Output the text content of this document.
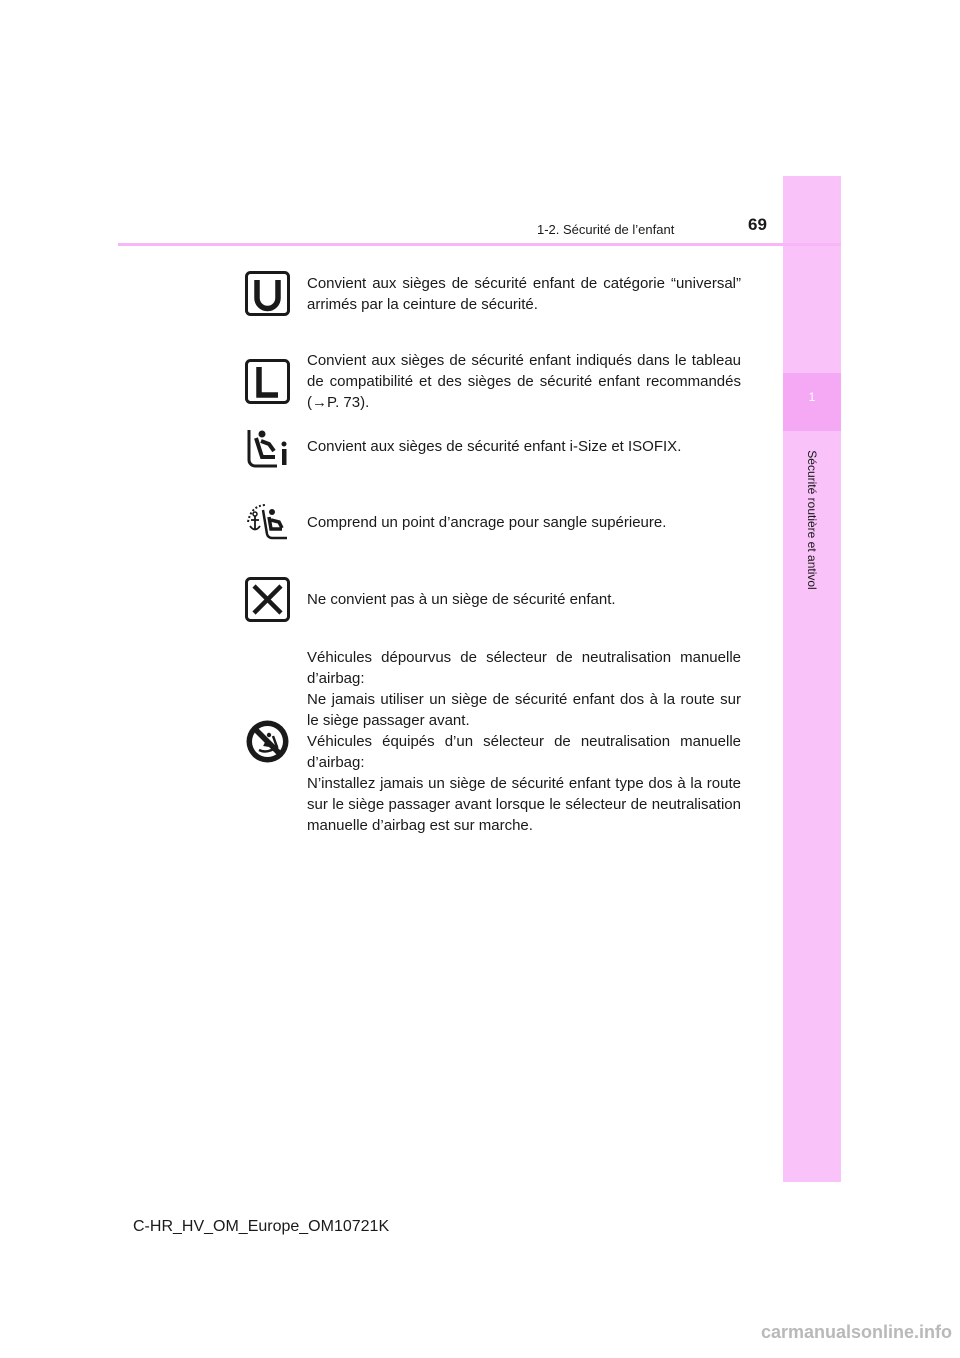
1
Sécurité routière et antivol
1-2. Sécurité de l’enfant	69
Convient aux sièges de sécurité enfant de catégorie “universal” arrimés par la ceinture de sécurité.
Convient aux sièges de sécurité enfant indiqués dans le tableau de compatibilité et des sièges de sécurité enfant recommandés (→P. 73).
Convient aux sièges de sécurité enfant i-Size et ISOFIX.
Comprend un point d’ancrage pour sangle supérieure.
Ne convient pas à un siège de sécurité enfant.
Véhicules dépourvus de sélecteur de neutralisation manuelle d’airbag:
Ne jamais utiliser un siège de sécurité enfant dos à la route sur le siège passager avant.
Véhicules équipés d’un sélecteur de neutralisation manuelle d’airbag:
N’installez jamais un siège de sécurité enfant type dos à la route sur le siège passager avant lorsque le sélecteur de neutralisation manuelle d’airbag est sur marche.
C-HR_HV_OM_Europe_OM10721K
carmanualsonline.info
